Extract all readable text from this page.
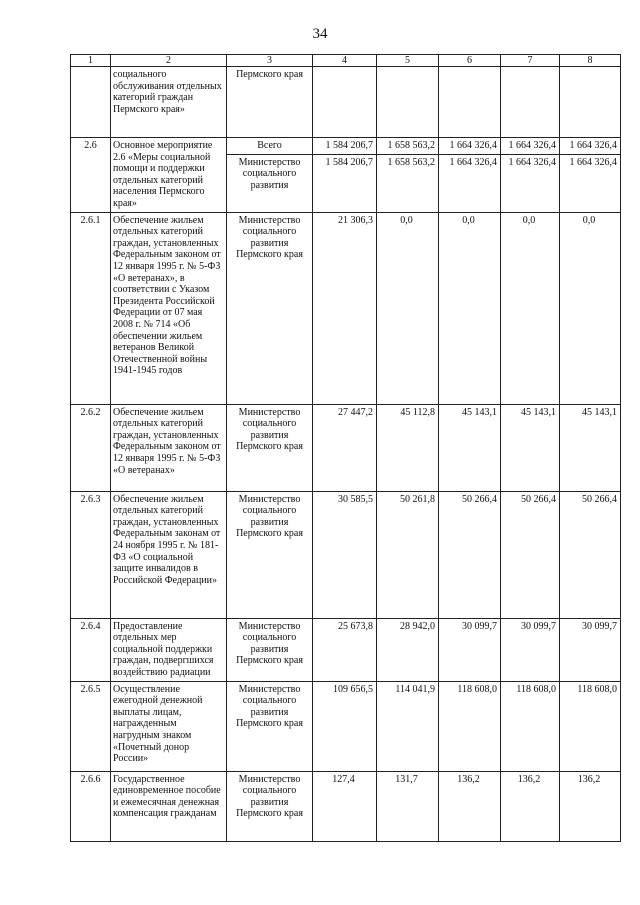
34
1	2	3	4	5	6	7	8
	социального обслуживания отдельных категорий граждан Пермского края»	Пермского края					
2.6	Основное мероприятие 2.6 «Меры социальной помощи и поддержки отдельных категорий населения Пермского края»	Всего	1 584 206,7	1 658 563,2	1 664 326,4	1 664 326,4	1 664 326,4
		Министерство социального развития	1 584 206,7	1 658 563,2	1 664 326,4	1 664 326,4	1 664 326,4
2.6.1	Обеспечение жильем отдельных категорий граждан, установленных Федеральным законом от 12 января 1995 г. № 5-ФЗ «О ветеранах», в соответствии с Указом Президента Российской Федерации от 07 мая 2008 г. № 714 «Об обеспечении жильем ветеранов Великой Отечественной войны 1941-1945 годов	Министерство социального развития Пермского края	21 306,3	0,0	0,0	0,0	0,0
2.6.2	Обеспечение жильем отдельных категорий граждан, установленных Федеральным законом от 12 января 1995 г. № 5-ФЗ «О ветеранах»	Министерство социального развития Пермского края	27 447,2	45 112,8	45 143,1	45 143,1	45 143,1
2.6.3	Обеспечение жильем отдельных категорий граждан, установленных Федеральным законам от 24 ноября 1995 г. № 181-ФЗ «О социальной защите инвалидов в Российской Федерации»	Министерство социального развития Пермского края	30 585,5	50 261,8	50 266,4	50 266,4	50 266,4
2.6.4	Предоставление отдельных мер социальной поддержки граждан, подвергшихся воздействию радиации	Министерство социального развития Пермского края	25 673,8	28 942,0	30 099,7	30 099,7	30 099,7
2.6.5	Осуществление ежегодной денежной выплаты лицам, награжденным нагрудным знаком «Почетный донор России»	Министерство социального развития Пермского края	109 656,5	114 041,9	118 608,0	118 608,0	118 608,0
2.6.6	Государственное единовременное пособие и ежемесячная денежная компенсация гражданам	Министерство социального развития Пермского края	127,4	131,7	136,2	136,2	136,2
